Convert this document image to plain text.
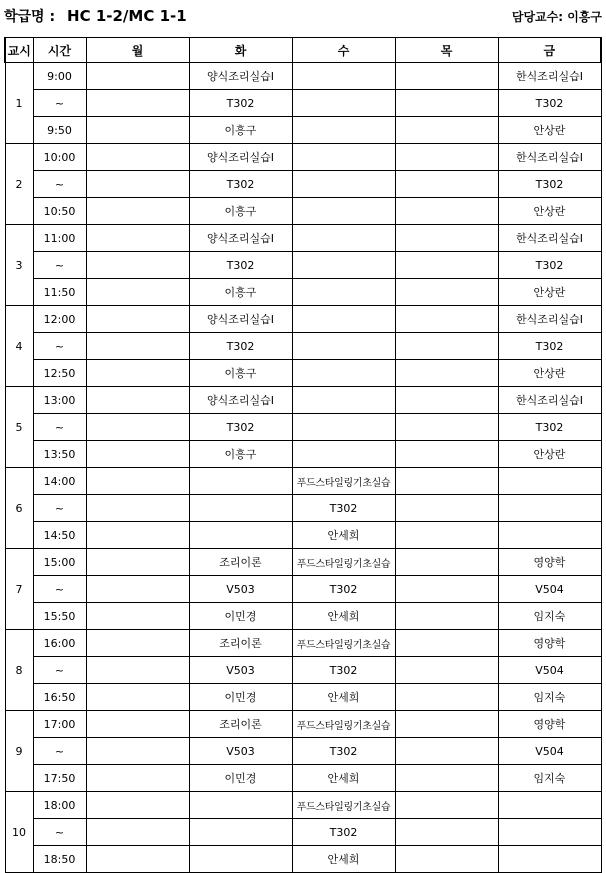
학급명 : HC 1-2/MC 1-1	담당교수: 이흥구
교시	시간	월	화	수	목	금
1	9:00		양식조리실습I			한식조리실습I
	~		T302			T302
	9:50		이흥구			안상란
2	10:00		양식조리실습I			한식조리실습I
	~		T302			T302
	10:50		이흥구			안상란
3	11:00		양식조리실습I			한식조리실습I
	~		T302			T302
	11:50		이흥구			안상란
4	12:00		양식조리실습I			한식조리실습I
	~		T302			T302
	12:50		이흥구			안상란
5	13:00		양식조리실습I			한식조리실습I
	~		T302			T302
	13:50		이흥구			안상란
6	14:00			푸드스타일링기초실습		
	~			T302		
	14:50			안세희		
7	15:00		조리이론	푸드스타일링기초실습		영양학
	~		V503	T302		V504
	15:50		이민경	안세희		임지숙
8	16:00		조리이론	푸드스타일링기초실습		영양학
	~		V503	T302		V504
	16:50		이민경	안세희		임지숙
9	17:00		조리이론	푸드스타일링기초실습		영양학
	~		V503	T302		V504
	17:50		이민경	안세희		임지숙
10	18:00			푸드스타일링기초실습		
	~			T302		
	18:50			안세희		
